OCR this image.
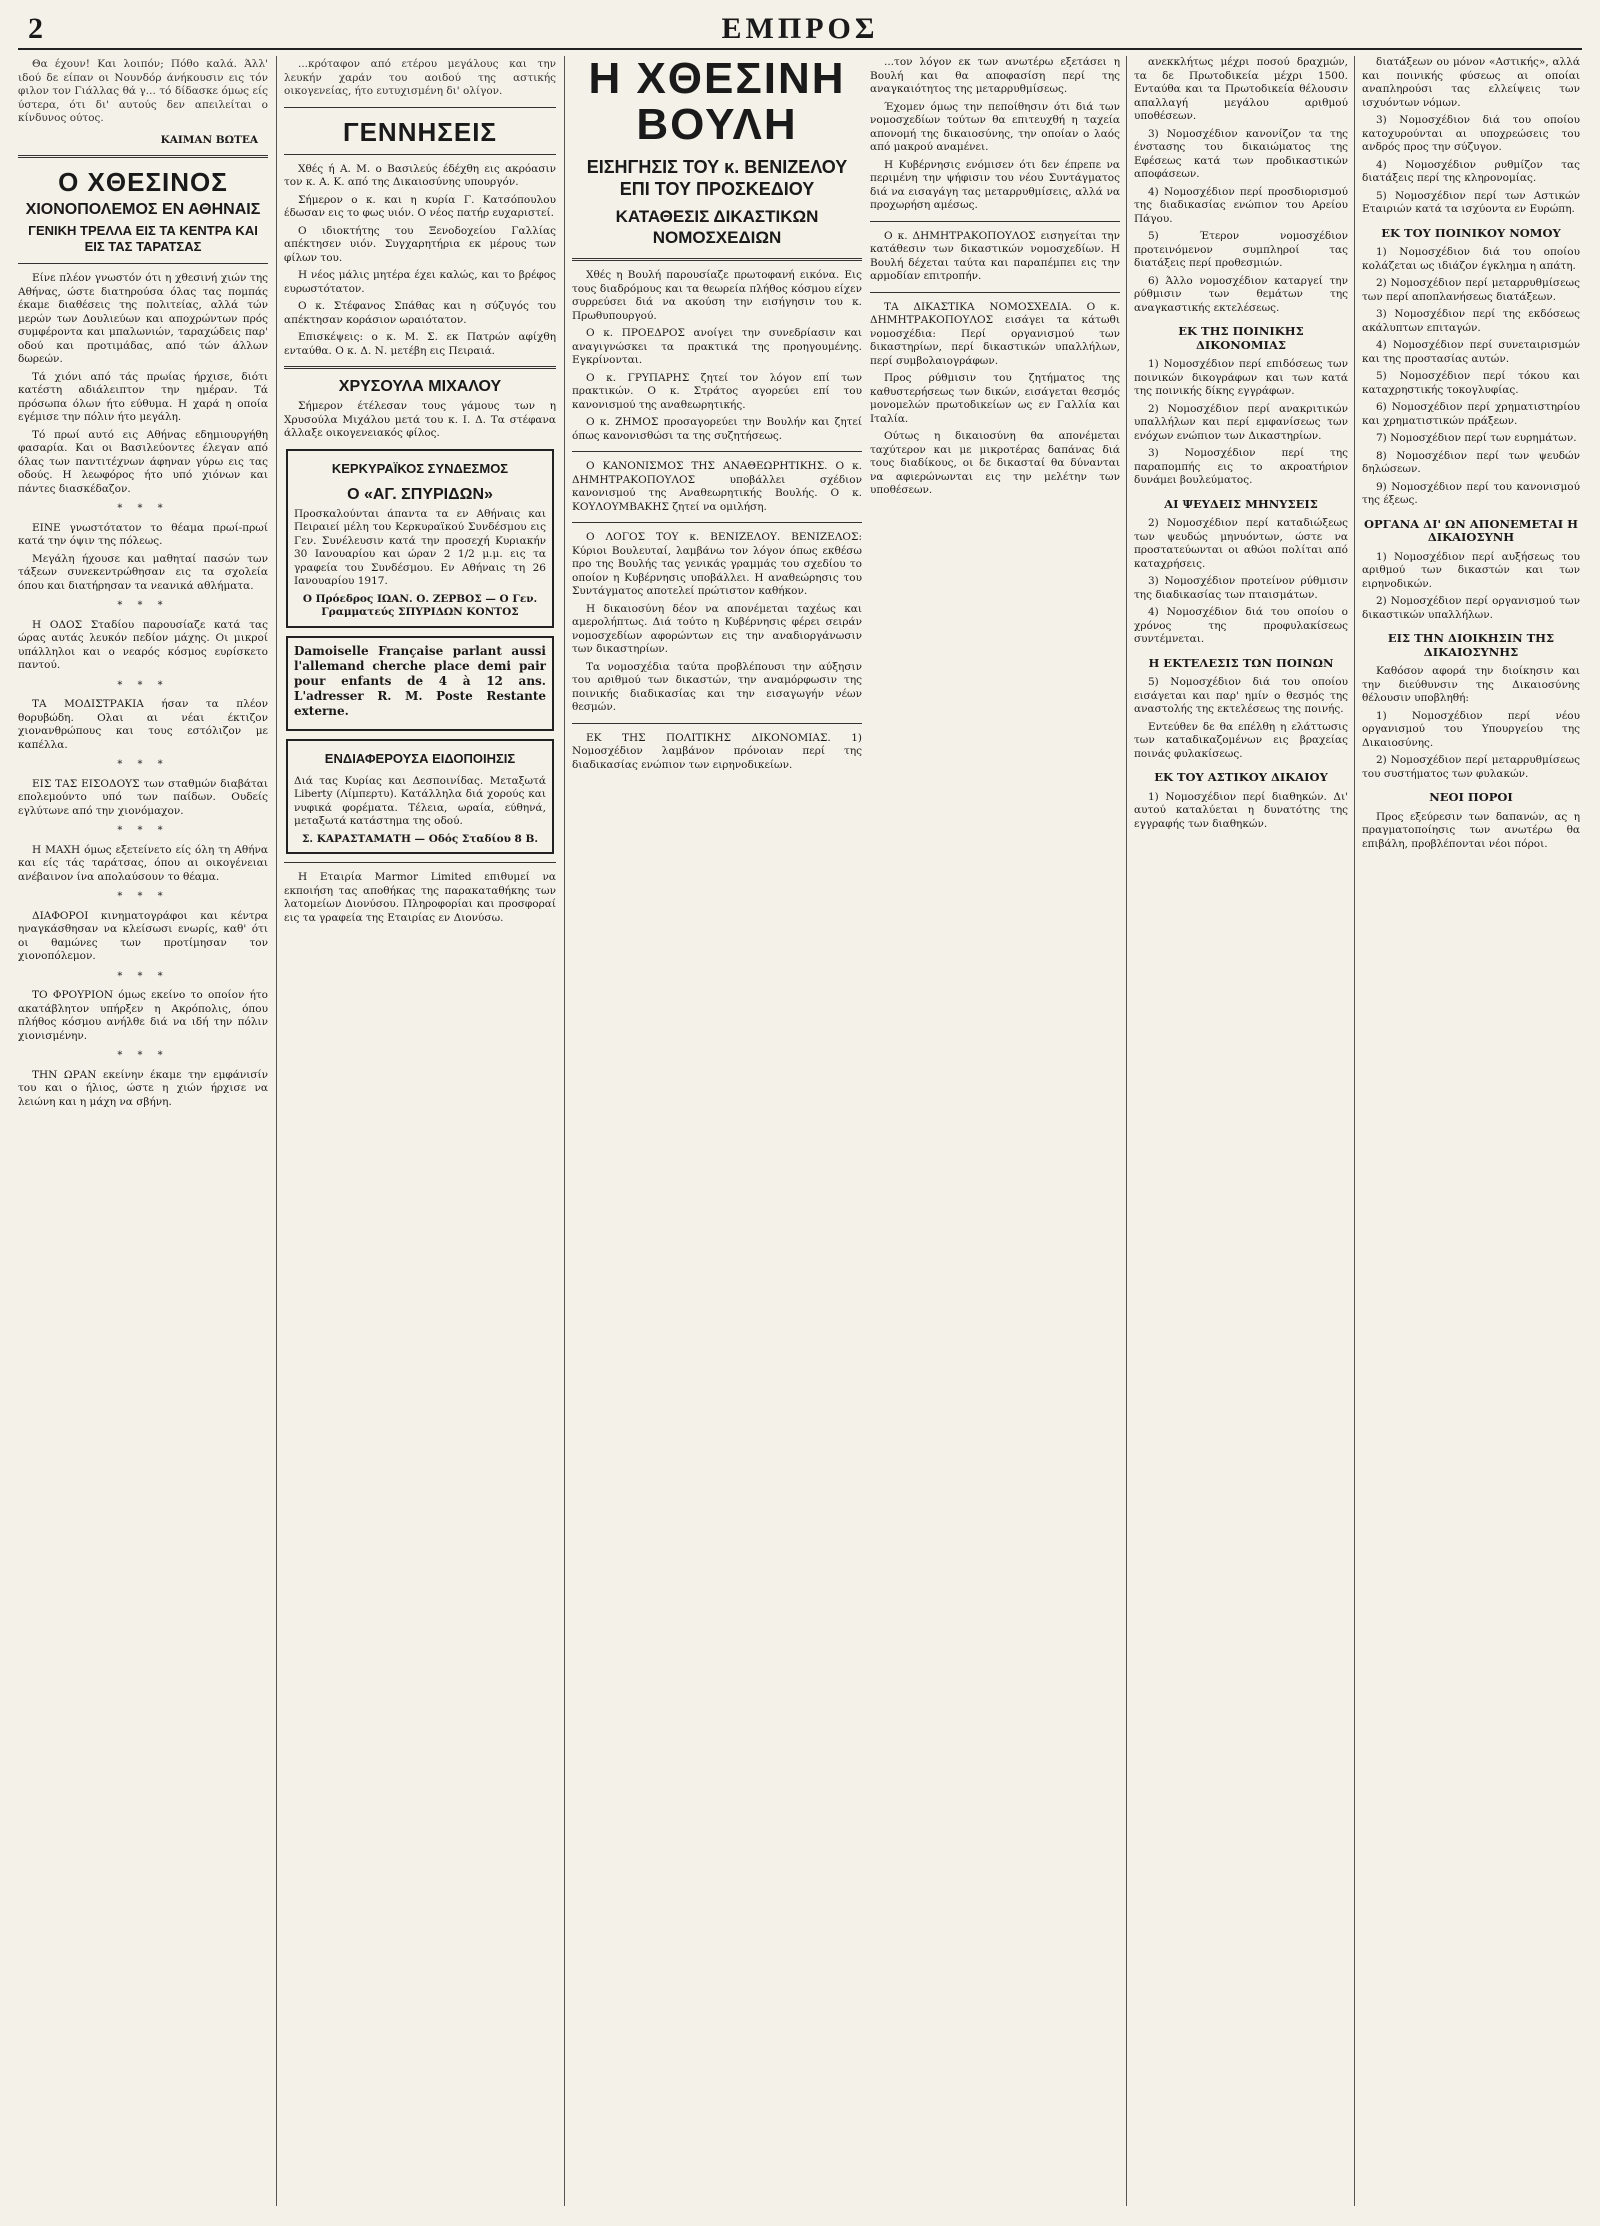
2	ΕΜΠΡΟΣ

Θα έχουν! Και λοιπόν; Πόθο καλά. Άλλ' ιδού δε είπαν οι Νουνδόρ άνήκουσιν εις τόν φιλον τον Γιάλλας θά γ... τό δίδασκε όμως είς ύστερα, ότι δι' αυτούς δεν απειλείται ο κίνδυνος ούτος.

ΚΑΙΜΑΝ ΒΩΤΕΑ
Ο ΧΘΕΣΙΝΟΣ
ΧΙΟΝΟΠΟΛΕΜΟΣ ΕΝ ΑΘΗΝΑΙΣ
ΓΕΝΙΚΗ ΤΡΕΛΛΑ ΕΙΣ ΤΑ ΚΕΝΤΡΑ ΚΑΙ ΕΙΣ ΤΑΣ ΤΑΡΑΤΣΑΣ

Είνε πλέον γνωστόν ότι η χθεσινή χιών της Αθήνας, ώστε διατηρούσα όλας τας πομπάς έκαμε διαθέσεις της πολιτείας, αλλά τών μερών των Δουλιεύων και αποχρώντων πρός συμφέροντα και μπαλωνιών, ταραχώδεις παρ' οδού και προτιμάδας, από τών άλλων δωρεών.

Τά χιόνι από τάς πρωίας ήρχισε, διότι κατέστη αδιάλειπτον την ημέραν. Τά πρόσωπα όλων ήτο εύθυμα. Η χαρά η οποία εγέμισε την πόλιν ήτο μεγάλη.

Τό πρωί αυτό εις Αθήνας εδημιουργήθη φασαρία. Και οι Βασιλεύοντες έλεγαν από όλας των παντιτέχνων άφηναν γύρω εις τας οδούς. Η λεωφόρος ήτο υπό χιόνων και πάντες διασκέδαζον.

* * *

ΕΙΝΕ γνωστότατον το θέαμα πρωί-πρωί κατά την όψιν της πόλεως.

Μεγάλη ήχουσε και μαθηταί πασών των τάξεων συνεκεντρώθησαν εις τα σχολεία όπου και διατήρησαν τα νεανικά αθλήματα.

* * *

Η ΟΔΟΣ Σταδίου παρουσίαζε κατά τας ώρας αυτάς λευκόν πεδίον μάχης. Οι μικροί υπάλληλοι και ο νεαρός κόσμος ευρίσκετο παντού.

* * *

ΤΑ ΜΟΔΙΣΤΡΑΚΙΑ ήσαν τα πλέον θορυβώδη. Ολαι αι νέαι έκτιζον χιονανθρώπους και τους εστόλιζον με καπέλλα.

* * *

ΕΙΣ ΤΑΣ ΕΙΣΟΔΟΥΣ των σταθμών διαβάται επολεμούντο υπό των παίδων. Ουδείς εγλύτωνε από την χιονόμαχον.

* * *

Η ΜΑΧΗ όμως εξετείνετο είς όλη τη Αθήνα και είς τάς ταράτσας, όπου αι οικογένειαι ανέβαινον ίνα απολαύσουν το θέαμα.

* * *

ΔΙΑΦΟΡΟΙ κινηματογράφοι και κέντρα ηναγκάσθησαν να κλείσωσι ενωρίς, καθ' ότι οι θαμώνες των προτίμησαν τον χιονοπόλεμον.

* * *

ΤΟ ΦΡΟΥΡΙΟΝ όμως εκείνο το οποίον ήτο ακατάβλητον υπήρξεν η Ακρόπολις, όπου πλήθος κόσμου ανήλθε διά να ιδή την πόλιν χιονισμένην.

* * *

ΤΗΝ ΩΡΑΝ εκείνην έκαμε την εμφάνισίν του και ο ήλιος, ώστε η χιών ήρχισε να λειώνη και η μάχη να σβήνη.

...κρόταφον από ετέρου μεγάλους και την λευκήν χαράν του αοιδού της αστικής οικογενείας, ήτο ευτυχισμένη δι' ολίγον.

ΓΕΝΝΗΣΕΙΣ

Χθές ή Α. Μ. ο Βασιλεύς έδέχθη εις ακρόασιν τον κ. Α. Κ. από της Δικαιοσύνης υπουργόν.

Σήμερον ο κ. και η κυρία Γ. Κατσόπουλου έδωσαν εις το φως υιόν. Ο νέος πατήρ ευχαριστεί.

Ο ιδιοκτήτης του Ξενοδοχείου Γαλλίας απέκτησεν υιόν. Συγχαρητήρια εκ μέρους των φίλων του.

Η νέος μάλις μητέρα έχει καλώς, και το βρέφος ευρωστότατον.

Ο κ. Στέφανος Σπάθας και η σύζυγός του απέκτησαν κοράσιον ωραιότατον.

Επισκέψεις: ο κ. Μ. Σ. εκ Πατρών αφίχθη ενταύθα. Ο κ. Δ. Ν. μετέβη εις Πειραιά.

ΧΡΥΣΟΥΛΑ ΜΙΧΑΛΟΥ

Σήμερον έτέλεσαν τους γάμους των η Χρυσούλα Μιχάλου μετά του κ. Ι. Δ. Τα στέφανα άλλαξε οικογενειακός φίλος.

ΚΕΡΚΥΡΑΪΚΟΣ ΣΥΝΔΕΣΜΟΣ
Ο «ΑΓ. ΣΠΥΡΙΔΩΝ»

Προσκαλούνται άπαντα τα εν Αθήναις και Πειραιεί μέλη του Κερκυραϊκού Συνδέσμου εις Γεν. Συνέλευσιν κατά την προσεχή Κυριακήν 30 Ιανουαρίου και ώραν 2 1/2 μ.μ. εις τα γραφεία του Συνδέσμου. Εν Αθήναις τη 26 Ιανουαρίου 1917.

Ο Πρόεδρος ΙΩΑΝ. Ο. ΖΕΡΒΟΣ — Ο Γεν. Γραμματεύς ΣΠΥΡΙΔΩΝ ΚΟΝΤΟΣ

Damoiselle Française parlant aussi l'allemand cherche place demi pair pour enfants de 4 à 12 ans. L'adresser R. M. Poste Restante externe.

ΕΝΔΙΑΦΕΡΟΥΣΑ ΕΙΔΟΠΟΙΗΣΙΣ

Διά τας Κυρίας και Δεσποινίδας. Μεταξωτά Liberty (Λίμπερτυ). Κατάλληλα διά χορούς και νυφικά φορέματα. Τέλεια, ωραία, εύθηνά, μεταξωτά κατάστημα της οδού.

Σ. ΚΑΡΑΣΤΑΜΑΤΗ — Οδός Σταδίου 8 Β.

Η Εταιρία Marmor Limited επιθυμεί να εκποιήση τας αποθήκας της παρακαταθήκης των λατομείων Διονύσου. Πληροφορίαι και προσφοραί εις τα γραφεία της Εταιρίας εν Διονύσω.

Η ΧΘΕΣΙΝΗ ΒΟΥΛΗ
ΕΙΣΗΓΗΣΙΣ ΤΟΥ κ. ΒΕΝΙΖΕΛΟΥ ΕΠΙ ΤΟΥ ΠΡΟΣΚΕΔΙΟΥ
ΚΑΤΑΘΕΣΙΣ ΔΙΚΑΣΤΙΚΩΝ ΝΟΜΟΣΧΕΔΙΩΝ

Χθές η Βουλή παρουσίαζε πρωτοφανή εικόνα. Εις τους διαδρόμους και τα θεωρεία πλήθος κόσμου είχεν συρρεύσει διά να ακούση την εισήγησιν του κ. Πρωθυπουργού.

Ο κ. ΠΡΟΕΔΡΟΣ ανοίγει την συνεδρίασιν και αναγιγνώσκει τα πρακτικά της προηγουμένης. Εγκρίνονται.

Ο κ. ΓΡΥΠΑΡΗΣ ζητεί τον λόγον επί των πρακτικών. Ο κ. Στράτος αγορεύει επί του κανονισμού της αναθεωρητικής.

Ο κ. ΖΗΜΟΣ προσαγορεύει την Βουλήν και ζητεί όπως κανονισθώσι τα της συζητήσεως.

Ο ΚΑΝΟΝΙΣΜΟΣ ΤΗΣ ΑΝΑΘΕΩΡΗΤΙΚΗΣ. Ο κ. ΔΗΜΗΤΡΑΚΟΠΟΥΛΟΣ υποβάλλει σχέδιον κανονισμού της Αναθεωρητικής Βουλής. Ο κ. ΚΟΥΛΟΥΜΒΑΚΗΣ ζητεί να ομιλήση.

Ο ΛΟΓΟΣ ΤΟΥ κ. ΒΕΝΙΖΕΛΟΥ. ΒΕΝΙΖΕΛΟΣ: Κύριοι Βουλευταί, λαμβάνω τον λόγον όπως εκθέσω προ της Βουλής τας γενικάς γραμμάς του σχεδίου το οποίον η Κυβέρνησις υποβάλλει. Η αναθεώρησις του Συντάγματος αποτελεί πρώτιστον καθήκον.

Η δικαιοσύνη δέον να απονέμεται ταχέως και αμερολήπτως. Διά τούτο η Κυβέρνησις φέρει σειράν νομοσχεδίων αφορώντων εις την αναδιοργάνωσιν των δικαστηρίων.

Τα νομοσχέδια ταύτα προβλέπουσι την αύξησιν του αριθμού των δικαστών, την αναμόρφωσιν της ποινικής διαδικασίας και την εισαγωγήν νέων θεσμών.

ΕΚ ΤΗΣ ΠΟΛΙΤΙΚΗΣ ΔΙΚΟΝΟΜΙΑΣ. 1) Νομοσχέδιον λαμβάνον πρόνοιαν περί της διαδικασίας ενώπιον των ειρηνοδικείων.

...τον λόγον εκ των ανωτέρω εξετάσει η Βουλή και θα αποφασίση περί της αναγκαιότητος της μεταρρυθμίσεως.

Έχομεν όμως την πεποίθησιν ότι διά των νομοσχεδίων τούτων θα επιτευχθή η ταχεία απονομή της δικαιοσύνης, την οποίαν ο λαός από μακρού αναμένει.

Η Κυβέρνησις ενόμισεν ότι δεν έπρεπε να περιμένη την ψήφισιν του νέου Συντάγματος διά να εισαγάγη τας μεταρρυθμίσεις, αλλά να προχωρήση αμέσως.

Ο κ. ΔΗΜΗΤΡΑΚΟΠΟΥΛΟΣ εισηγείται την κατάθεσιν των δικαστικών νομοσχεδίων. Η Βουλή δέχεται ταύτα και παραπέμπει εις την αρμοδίαν επιτροπήν.

ΤΑ ΔΙΚΑΣΤΙΚΑ ΝΟΜΟΣΧΕΔΙΑ. Ο κ. ΔΗΜΗΤΡΑΚΟΠΟΥΛΟΣ εισάγει τα κάτωθι νομοσχέδια: Περί οργανισμού των δικαστηρίων, περί δικαστικών υπαλλήλων, περί συμβολαιογράφων.

Προς ρύθμισιν του ζητήματος της καθυστερήσεως των δικών, εισάγεται θεσμός μονομελών πρωτοδικείων ως εν Γαλλία και Ιταλία.

Ούτως η δικαιοσύνη θα απονέμεται ταχύτερον και με μικροτέρας δαπάνας διά τους διαδίκους, οι δε δικασταί θα δύνανται να αφιερώνωνται εις την μελέτην των υποθέσεων.

ανεκκλήτως μέχρι ποσού δραχμών, τα δε Πρωτοδικεία μέχρι 1500. Ενταύθα και τα Πρωτοδικεία θέλουσιν απαλλαγή μεγάλου αριθμού υποθέσεων.

3) Νομοσχέδιον κανονίζον τα της ένστασης του δικαιώματος της Εφέσεως κατά των προδικαστικών αποφάσεων.

4) Νομοσχέδιον περί προσδιορισμού της διαδικασίας ενώπιον του Αρείου Πάγου.

5) Έτερον νομοσχέδιον προτεινόμενον συμπληροί τας διατάξεις περί προθεσμιών.

6) Άλλο νομοσχέδιον καταργεί την ρύθμισιν των θεμάτων της αναγκαστικής εκτελέσεως.

ΕΚ ΤΗΣ ΠΟΙΝΙΚΗΣ ΔΙΚΟΝΟΜΙΑΣ

1) Νομοσχέδιον περί επιδόσεως των ποινικών δικογράφων και των κατά της ποινικής δίκης εγγράφων.

2) Νομοσχέδιον περί ανακριτικών υπαλλήλων και περί εμφανίσεως των ενόχων ενώπιον των Δικαστηρίων.

3) Νομοσχέδιον περί της παραπομπής εις το ακροατήριον δυνάμει βουλεύματος.

ΑΙ ΨΕΥΔΕΙΣ ΜΗΝΥΣΕΙΣ

2) Νομοσχέδιον περί καταδιώξεως των ψευδώς μηνυόντων, ώστε να προστατεύωνται οι αθώοι πολίται από καταχρήσεις.

3) Νομοσχέδιον προτείνον ρύθμισιν της διαδικασίας των πταισμάτων.

4) Νομοσχέδιον διά του οποίου ο χρόνος της προφυλακίσεως συντέμνεται.

Η ΕΚΤΕΛΕΣΙΣ ΤΩΝ ΠΟΙΝΩΝ

5) Νομοσχέδιον διά του οποίου εισάγεται και παρ' ημίν ο θεσμός της αναστολής της εκτελέσεως της ποινής.

Εντεύθεν δε θα επέλθη η ελάττωσις των καταδικαζομένων εις βραχείας ποινάς φυλακίσεως.

ΕΚ ΤΟΥ ΑΣΤΙΚΟΥ ΔΙΚΑΙΟΥ

1) Νομοσχέδιον περί διαθηκών. Δι' αυτού καταλύεται η δυνατότης της εγγραφής των διαθηκών.

διατάξεων ου μόνον «Αστικής», αλλά και ποινικής φύσεως αι οποίαι αναπληρούσι τας ελλείψεις των ισχυόντων νόμων.

3) Νομοσχέδιον διά του οποίου κατοχυρούνται αι υποχρεώσεις του ανδρός προς την σύζυγον.

4) Νομοσχέδιον ρυθμίζον τας διατάξεις περί της κληρονομίας.

5) Νομοσχέδιον περί των Αστικών Εταιριών κατά τα ισχύοντα εν Ευρώπη.

ΕΚ ΤΟΥ ΠΟΙΝΙΚΟΥ ΝΟΜΟΥ

1) Νομοσχέδιον διά του οποίου κολάζεται ως ιδιάζον έγκλημα η απάτη.

2) Νομοσχέδιον περί μεταρρυθμίσεως των περί αποπλανήσεως διατάξεων.

3) Νομοσχέδιον περί της εκδόσεως ακάλυπτων επιταγών.

4) Νομοσχέδιον περί συνεταιρισμών και της προστασίας αυτών.

5) Νομοσχέδιον περί τόκου και καταχρηστικής τοκογλυφίας.

6) Νομοσχέδιον περί χρηματιστηρίου και χρηματιστικών πράξεων.

7) Νομοσχέδιον περί των ευρημάτων.

8) Νομοσχέδιον περί των ψευδών δηλώσεων.

9) Νομοσχέδιον περί του κανονισμού της έξεως.

ΟΡΓΑΝΑ ΔΙ' ΩΝ ΑΠΟΝΕΜΕΤΑΙ Η ΔΙΚΑΙΟΣΥΝΗ

1) Νομοσχέδιον περί αυξήσεως του αριθμού των δικαστών και των ειρηνοδικών.

2) Νομοσχέδιον περί οργανισμού των δικαστικών υπαλλήλων.

ΕΙΣ ΤΗΝ ΔΙΟΙΚΗΣΙΝ ΤΗΣ ΔΙΚΑΙΟΣΥΝΗΣ

Καθόσον αφορά την διοίκησιν και την διεύθυνσιν της Δικαιοσύνης θέλουσιν υποβληθή:

1) Νομοσχέδιον περί νέου οργανισμού του Υπουργείου της Δικαιοσύνης.

2) Νομοσχέδιον περί μεταρρυθμίσεως του συστήματος των φυλακών.

ΝΕΟΙ ΠΟΡΟΙ

Προς εξεύρεσιν των δαπανών, ας η πραγματοποίησις των ανωτέρω θα επιβάλη, προβλέπονται νέοι πόροι.
